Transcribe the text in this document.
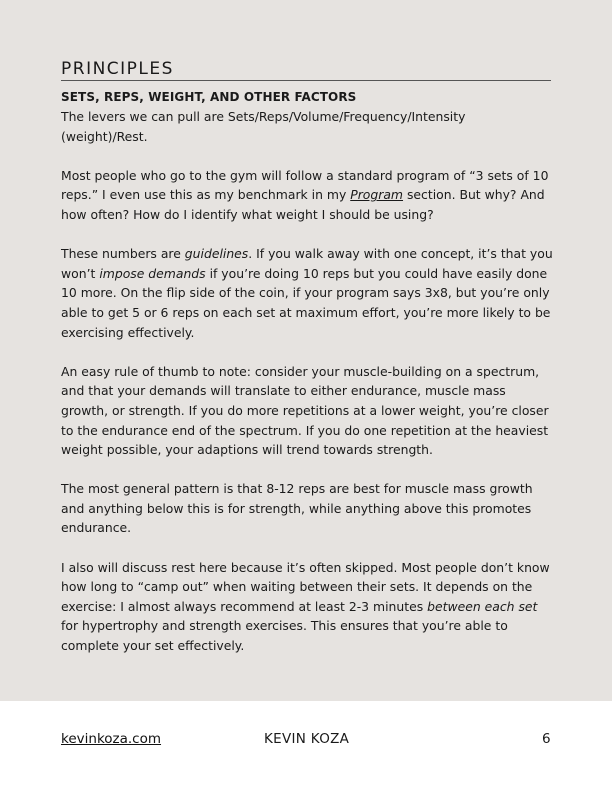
PRINCIPLES
SETS, REPS, WEIGHT, AND OTHER FACTORS

The levers we can pull are Sets/Reps/Volume/Frequency/Intensity (weight)/Rest.

Most people who go to the gym will follow a standard program of “3 sets of 10 reps.” I even use this as my benchmark in my Program section. But why? And how often? How do I identify what weight I should be using?

These numbers are guidelines. If you walk away with one concept, it’s that you won’t impose demands if you’re doing 10 reps but you could have easily done 10 more. On the flip side of the coin, if your program says 3x8, but you’re only able to get 5 or 6 reps on each set at maximum effort, you’re more likely to be exercising effectively.

An easy rule of thumb to note: consider your muscle-building on a spectrum, and that your demands will translate to either endurance, muscle mass growth, or strength. If you do more repetitions at a lower weight, you’re closer to the endurance end of the spectrum. If you do one repetition at the heaviest weight possible, your adaptions will trend towards strength.

The most general pattern is that 8-12 reps are best for muscle mass growth and anything below this is for strength, while anything above this promotes endurance.

I also will discuss rest here because it’s often skipped. Most people don’t know how long to “camp out” when waiting between their sets. It depends on the exercise: I almost always recommend at least 2-3 minutes between each set for hypertrophy and strength exercises. This ensures that you’re able to complete your set effectively.

kevinkoza.com	KEVIN KOZA	6
